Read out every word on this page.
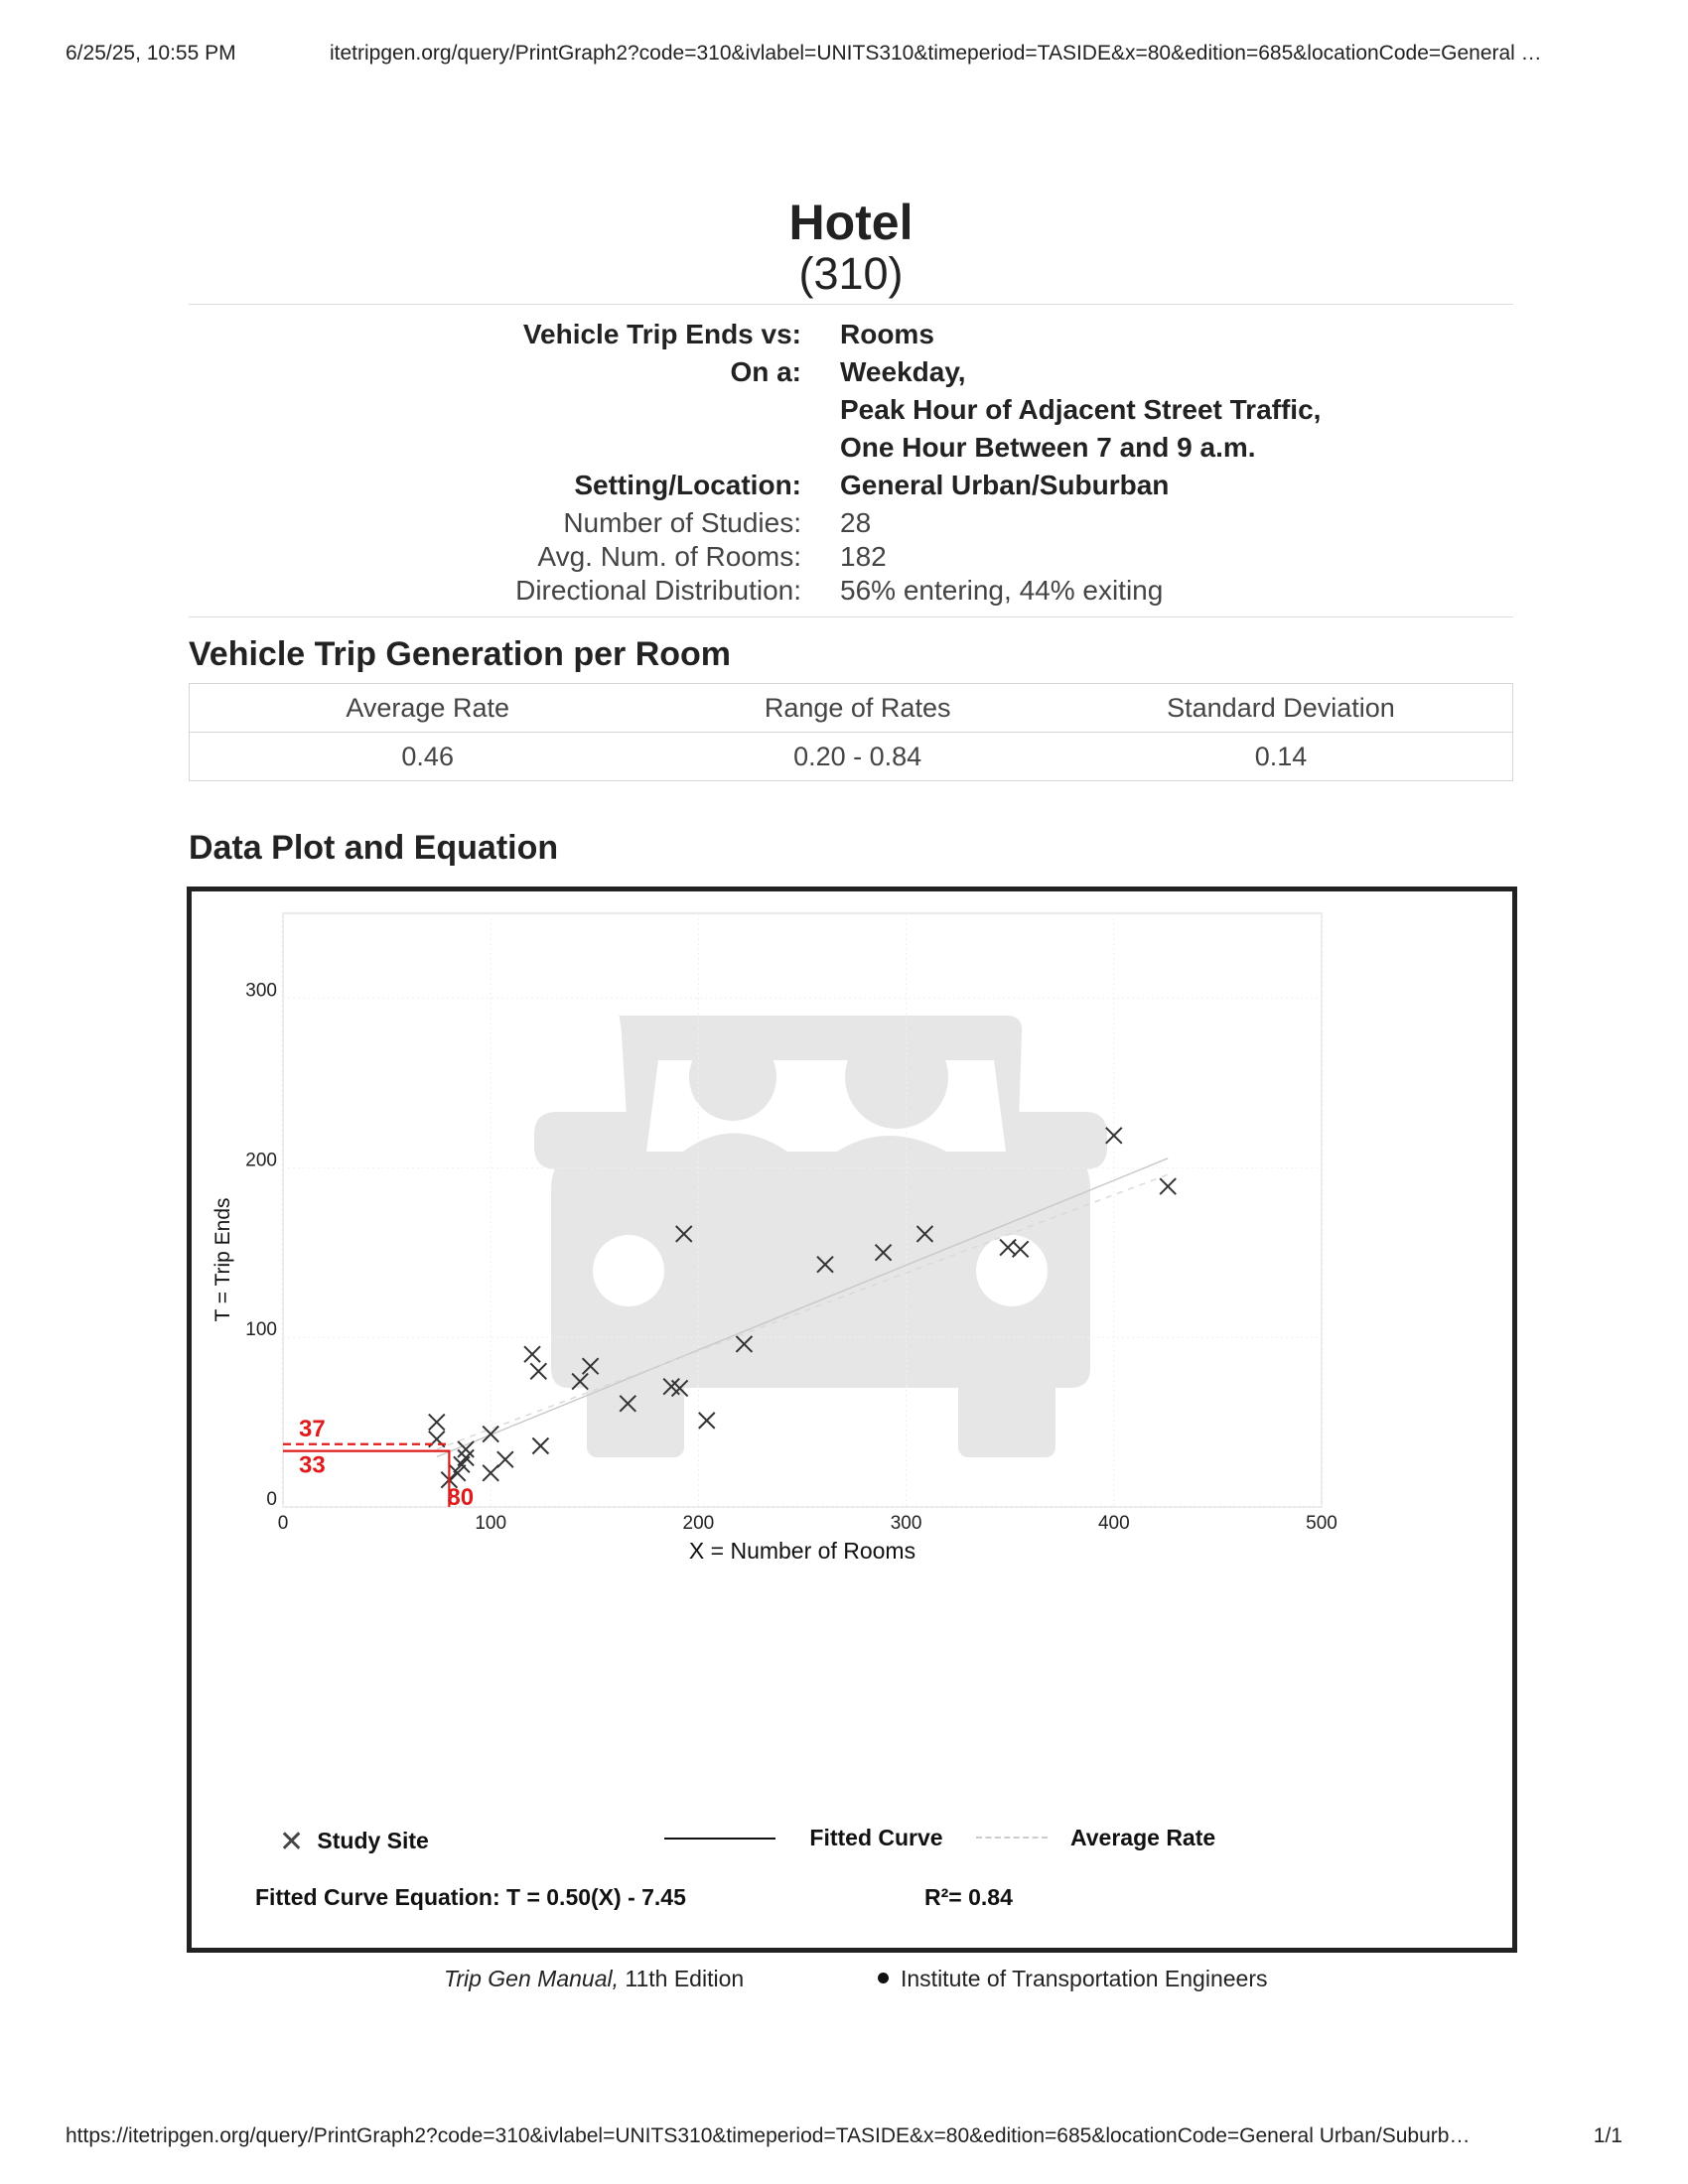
6/25/25, 10:55 PM	itetripgen.org/query/PrintGraph2?code=310&ivlabel=UNITS310&timeperiod=TASIDE&x=80&edition=685&locationCode=General …
Hotel
(310)
Vehicle Trip Ends vs: Rooms
On a: Weekday,
Peak Hour of Adjacent Street Traffic,
One Hour Between 7 and 9 a.m.
Setting/Location: General Urban/Suburban
Number of Studies: 28
Avg. Num. of Rooms: 182
Directional Distribution: 56% entering, 44% exiting
Vehicle Trip Generation per Room
Average Rate	Range of Rates	Standard Deviation
0.46	0.20 - 0.84	0.14
Data Plot and Equation
0	100	200	300	400	500
0
100
200
300
X = Number of Rooms
T = Trip Ends
37
33
80
✕ Study Site	Fitted Curve	Average Rate
Fitted Curve Equation: T = 0.50(X) - 7.45	R²= 0.84
Trip Gen Manual, 11th Edition	Institute of Transportation Engineers
https://itetripgen.org/query/PrintGraph2?code=310&ivlabel=UNITS310&timeperiod=TASIDE&x=80&edition=685&locationCode=General Urban/Suburb…	1/1
